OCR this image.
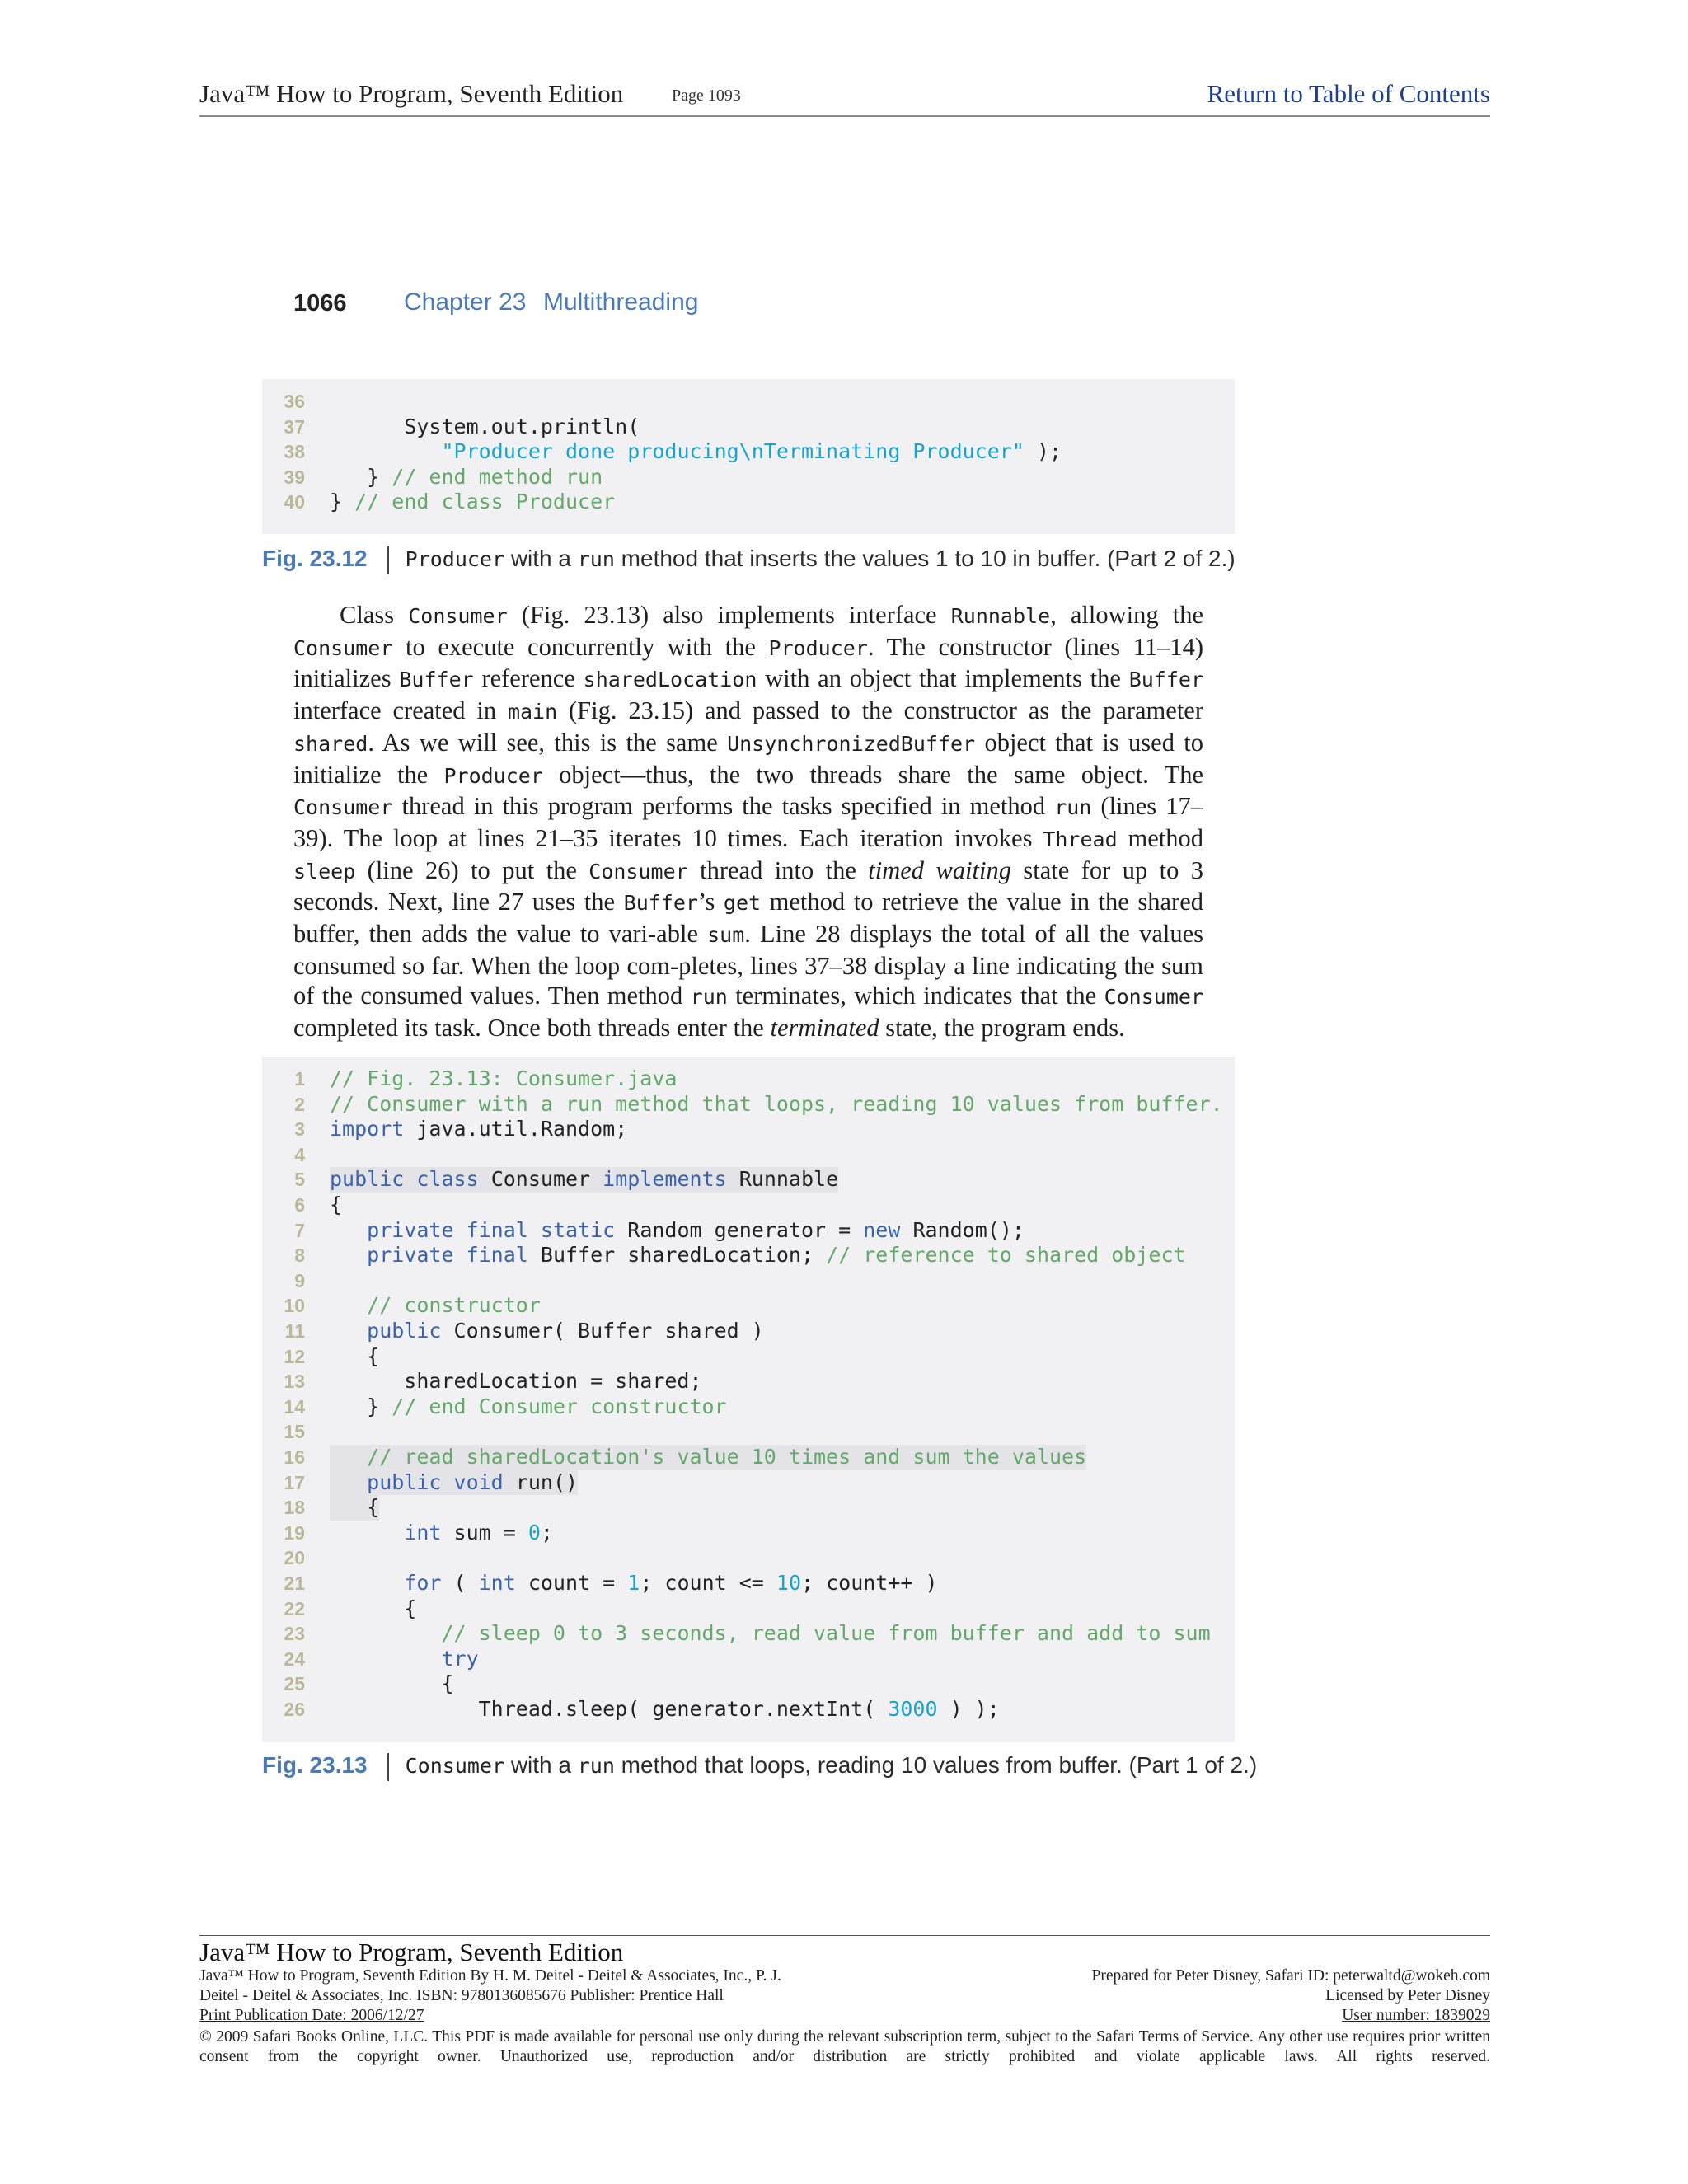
Java™ How to Program, Seventh Edition	Page 1093	Return to Table of Contents
1066 Chapter 23 Multithreading
36
37 System.out.println(
38	"Producer done producing\nTerminating Producer" );
39 } // end method run
40 } // end class Producer
Fig. 23.12 Producer with a run method that inserts the values 1 to 10 in buffer. (Part 2 of 2.)

Class Consumer (Fig. 23.13) also implements interface Runnable, allowing the Consumer to execute concurrently with the Producer. The constructor (lines 11–14) initializes Buffer reference sharedLocation with an object that implements the Buffer interface created in main (Fig. 23.15) and passed to the constructor as the parameter shared. As we will see, this is the same UnsynchronizedBuffer object that is used to initialize the Producer object—thus, the two threads share the same object. The Consumer thread in this program performs the tasks specified in method run (lines 17–39). The loop at lines 21–35 iterates 10 times. Each iteration invokes Thread method sleep (line 26) to put the Consumer thread into the timed waiting state for up to 3 seconds. Next, line 27 uses the Buffer’s get method to retrieve the value in the shared buffer, then adds the value to vari-able sum. Line 28 displays the total of all the values consumed so far. When the loop com-pletes, lines 37–38 display a line indicating the sum of the consumed values. Then method run terminates, which indicates that the Consumer completed its task. Once both threads enter the terminated state, the program ends.

1 // Fig. 23.13: Consumer.java
2 // Consumer with a run method that loops, reading 10 values from buffer.
3 import java.util.Random;
4
5 public class Consumer implements Runnable
6 {
7	private final static Random generator = new Random();
8	private final Buffer sharedLocation; // reference to shared object
9
10	// constructor
11	public Consumer( Buffer shared )
12 {
13 sharedLocation = shared;
14 } // end Consumer constructor
15
16	// read sharedLocation's value 10 times and sum the values
17	public void run()
18 {
19	int sum = 0;
20
21	for ( int count = 1; count <= 10; count++ )
22 {
23	// sleep 0 to 3 seconds, read value from buffer and add to sum
24	try
25 {
26 Thread.sleep( generator.nextInt( 3000 ) );
Fig. 23.13 Consumer with a run method that loops, reading 10 values from buffer. (Part 1 of 2.)
Java™ How to Program, Seventh Edition
Java™ How to Program, Seventh Edition By H. M. Deitel - Deitel & Associates, Inc., P. J.
Deitel - Deitel & Associates, Inc. ISBN: 9780136085676 Publisher: Prentice Hall
Print Publication Date: 2006/12/27
Prepared for Peter Disney, Safari ID: peterwaltd@wokeh.com
Licensed by Peter Disney
User number: 1839029
© 2009 Safari Books Online, LLC. This PDF is made available for personal use only during the relevant subscription term, subject to the Safari Terms of Service. Any other use requires prior written consent from the copyright owner. Unauthorized use, reproduction and/or distribution are strictly prohibited and violate applicable laws. All rights reserved.
